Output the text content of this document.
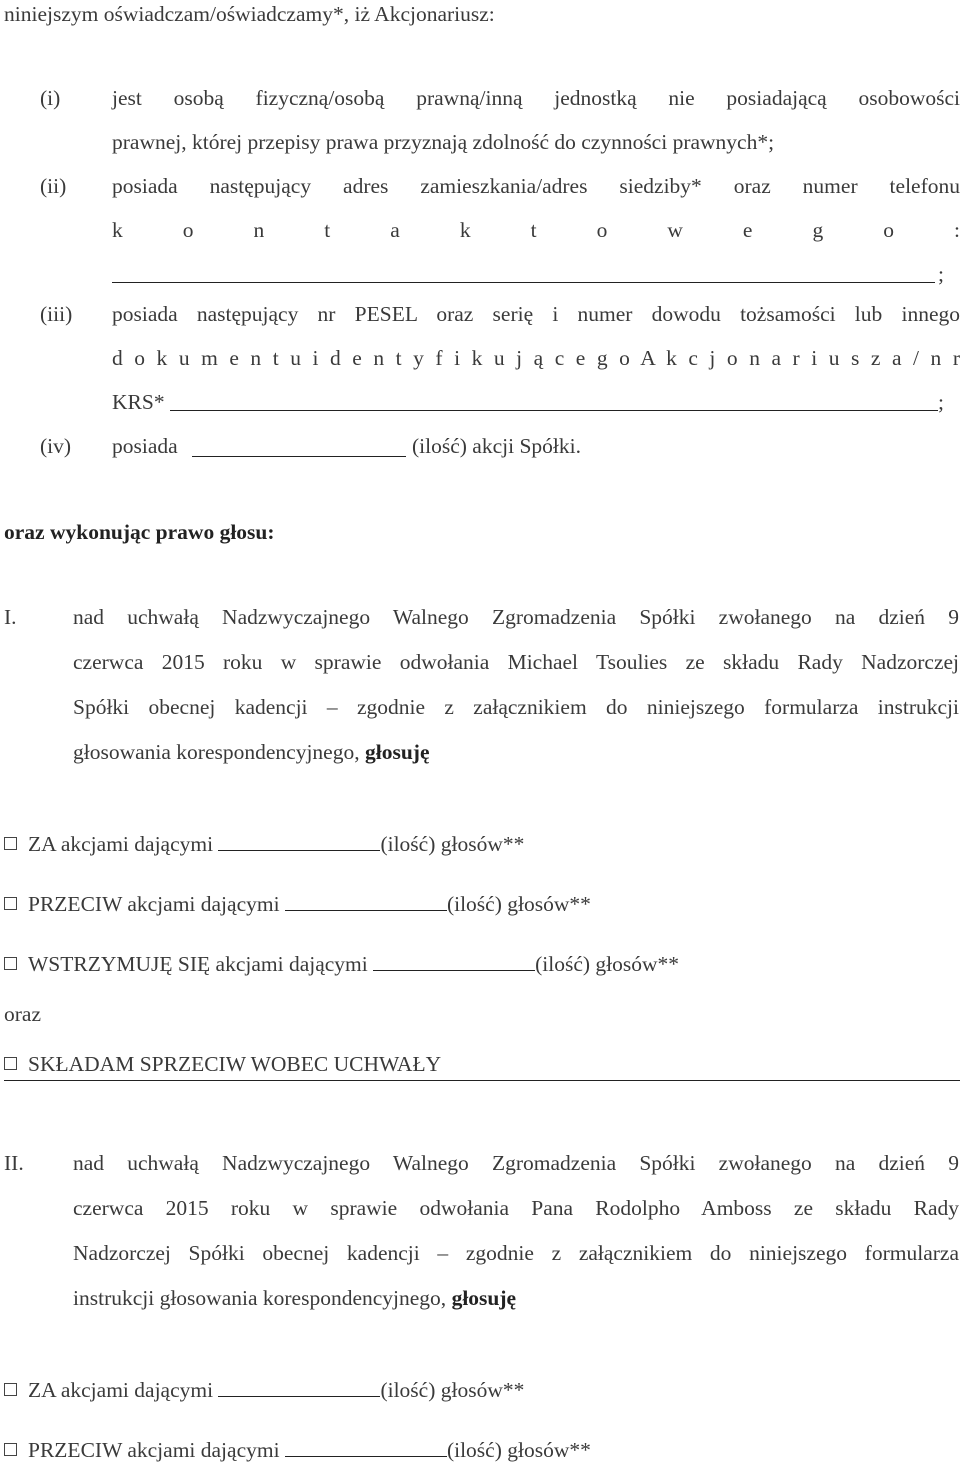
niniejszym oświadczam/oświadczamy*, iż Akcjonariusz:
(i) jest osobą fizyczną/osobą prawną/inną jednostką nie posiadającą osobowości
prawnej, której przepisy prawa przyznają zdolność do czynności prawnych*;
(ii) posiada następujący adres zamieszkania/adres siedziby* oraz numer telefonu
k o n t a k t o w e g o :
;
(iii) posiada następujący nr PESEL oraz serię i numer dowodu tożsamości lub innego
d o k u m e n t u i d e n t y f i k u j ą c e g o A k c j o n a r i u s z a / n r
KRS*	;
(iv) posiada	(ilość) akcji Spółki.
oraz wykonując prawo głosu:
I.	nad uchwałą Nadzwyczajnego Walnego Zgromadzenia Spółki zwołanego na dzień 9
czerwca 2015 roku w sprawie odwołania Michael Tsoulies ze składu Rady Nadzorczej
Spółki obecnej kadencji – zgodnie z załącznikiem do niniejszego formularza instrukcji
głosowania korespondencyjnego, głosuję
ZA akcjami dającymi	(ilość) głosów**
PRZECIW akcjami dającymi	(ilość) głosów**
WSTRZYMUJĘ SIĘ akcjami dającymi	(ilość) głosów**
oraz
SKŁADAM SPRZECIW WOBEC UCHWAŁY
II. nad uchwałą Nadzwyczajnego Walnego Zgromadzenia Spółki zwołanego na dzień 9
czerwca 2015 roku w sprawie odwołania Pana Rodolpho Amboss ze składu Rady
Nadzorczej Spółki obecnej kadencji – zgodnie z załącznikiem do niniejszego formularza
instrukcji głosowania korespondencyjnego, głosuję
ZA akcjami dającymi	(ilość) głosów**
PRZECIW akcjami dającymi	(ilość) głosów**
